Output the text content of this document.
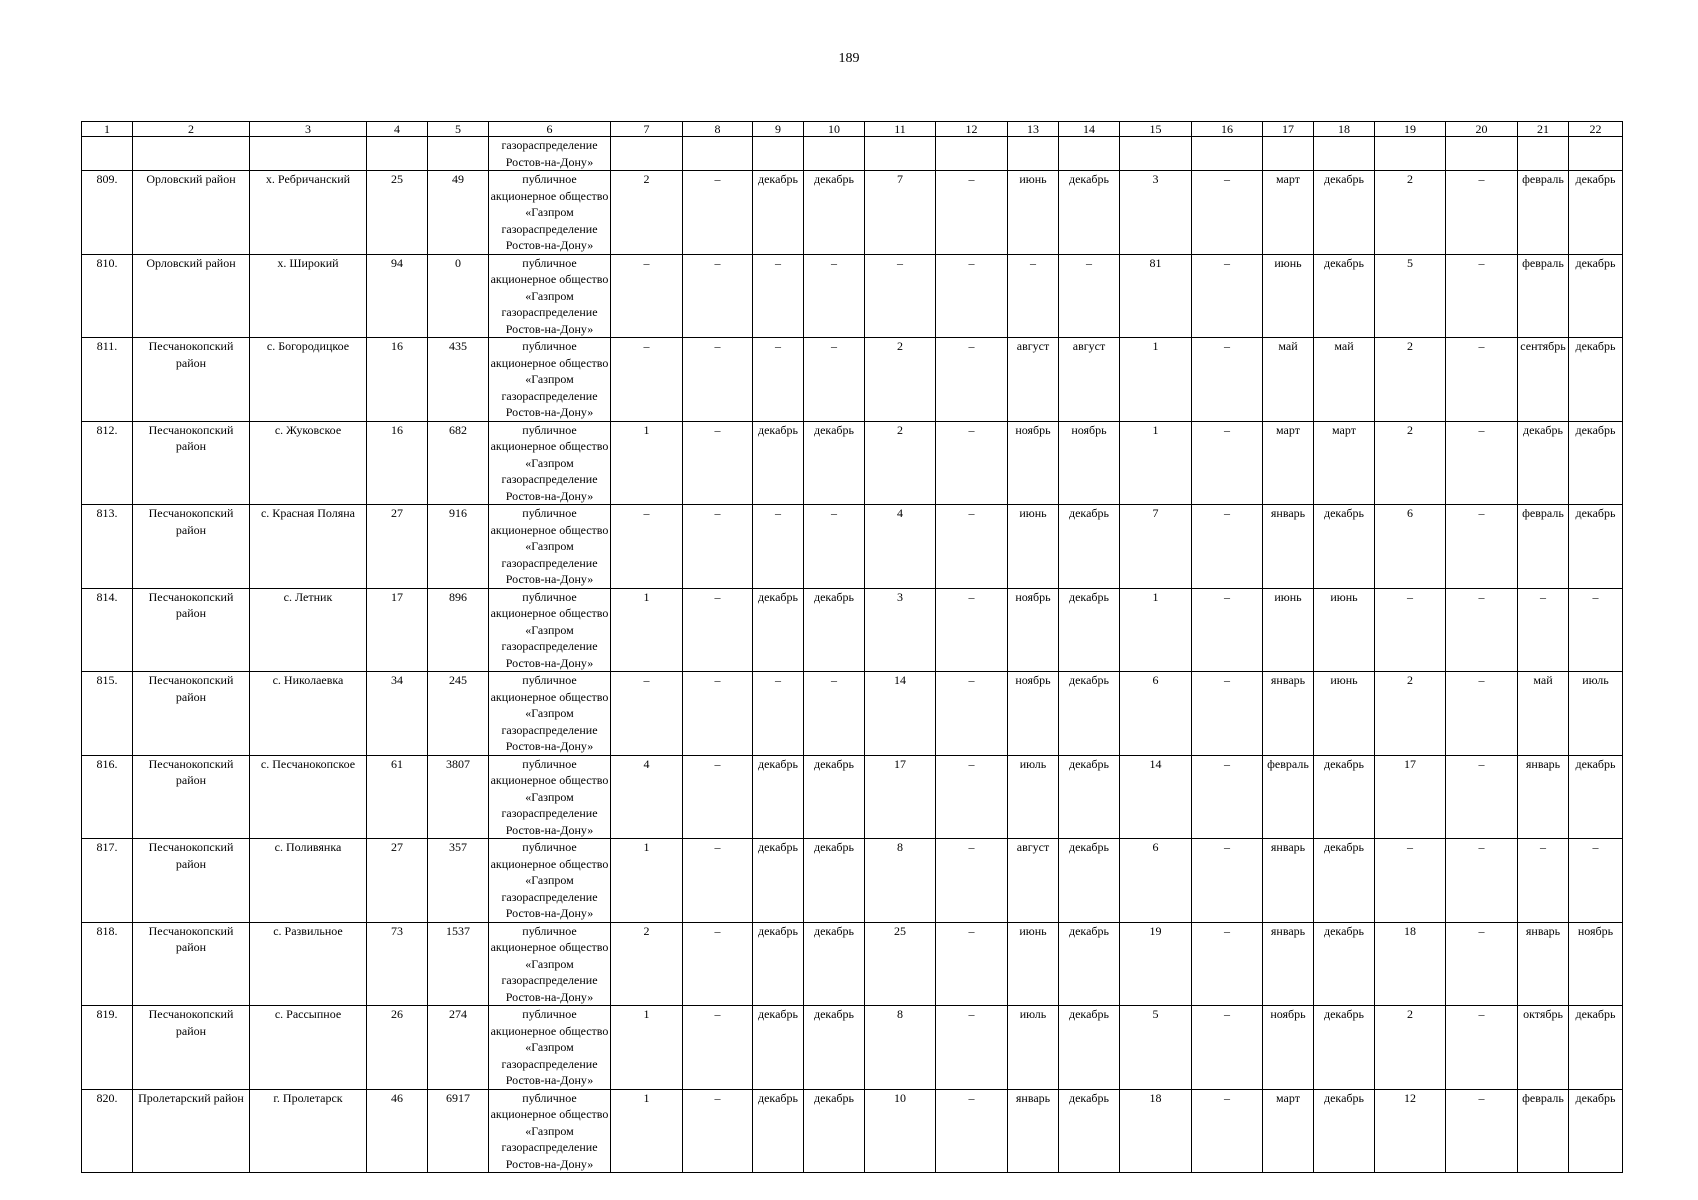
189
1	2	3	4	5	6	7	8	9	10	11	12	13	14	15	16	17	18	19	20	21	22
					газораспределение Ростов-на-Дону»																
809.	Орловский район	х. Ребричанский	25	49	публичное акционерное общество «Газпром газораспределение Ростов-на-Дону»	2	–	декабрь	декабрь	7	–	июнь	декабрь	3	–	март	декабрь	2	–	февраль	декабрь
810.	Орловский район	х. Широкий	94	0	публичное акционерное общество «Газпром газораспределение Ростов-на-Дону»	–	–	–	–	–	–	–	–	81	–	июнь	декабрь	5	–	февраль	декабрь
811.	Песчанокопский район	с. Богородицкое	16	435	публичное акционерное общество «Газпром газораспределение Ростов-на-Дону»	–	–	–	–	2	–	август	август	1	–	май	май	2	–	сентябрь	декабрь
812.	Песчанокопский район	с. Жуковское	16	682	публичное акционерное общество «Газпром газораспределение Ростов-на-Дону»	1	–	декабрь	декабрь	2	–	ноябрь	ноябрь	1	–	март	март	2	–	декабрь	декабрь
813.	Песчанокопский район	с. Красная Поляна	27	916	публичное акционерное общество «Газпром газораспределение Ростов-на-Дону»	–	–	–	–	4	–	июнь	декабрь	7	–	январь	декабрь	6	–	февраль	декабрь
814.	Песчанокопский район	с. Летник	17	896	публичное акционерное общество «Газпром газораспределение Ростов-на-Дону»	1	–	декабрь	декабрь	3	–	ноябрь	декабрь	1	–	июнь	июнь	–	–	–	–
815.	Песчанокопский район	с. Николаевка	34	245	публичное акционерное общество «Газпром газораспределение Ростов-на-Дону»	–	–	–	–	14	–	ноябрь	декабрь	6	–	январь	июнь	2	–	май	июль
816.	Песчанокопский район	с. Песчанокопское	61	3807	публичное акционерное общество «Газпром газораспределение Ростов-на-Дону»	4	–	декабрь	декабрь	17	–	июль	декабрь	14	–	февраль	декабрь	17	–	январь	декабрь
817.	Песчанокопский район	с. Поливянка	27	357	публичное акционерное общество «Газпром газораспределение Ростов-на-Дону»	1	–	декабрь	декабрь	8	–	август	декабрь	6	–	январь	декабрь	–	–	–	–
818.	Песчанокопский район	с. Развильное	73	1537	публичное акционерное общество «Газпром газораспределение Ростов-на-Дону»	2	–	декабрь	декабрь	25	–	июнь	декабрь	19	–	январь	декабрь	18	–	январь	ноябрь
819.	Песчанокопский район	с. Рассыпное	26	274	публичное акционерное общество «Газпром газораспределение Ростов-на-Дону»	1	–	декабрь	декабрь	8	–	июль	декабрь	5	–	ноябрь	декабрь	2	–	октябрь	декабрь
820.	Пролетарский район	г. Пролетарск	46	6917	публичное акционерное общество «Газпром газораспределение Ростов-на-Дону»	1	–	декабрь	декабрь	10	–	январь	декабрь	18	–	март	декабрь	12	–	февраль	декабрь
